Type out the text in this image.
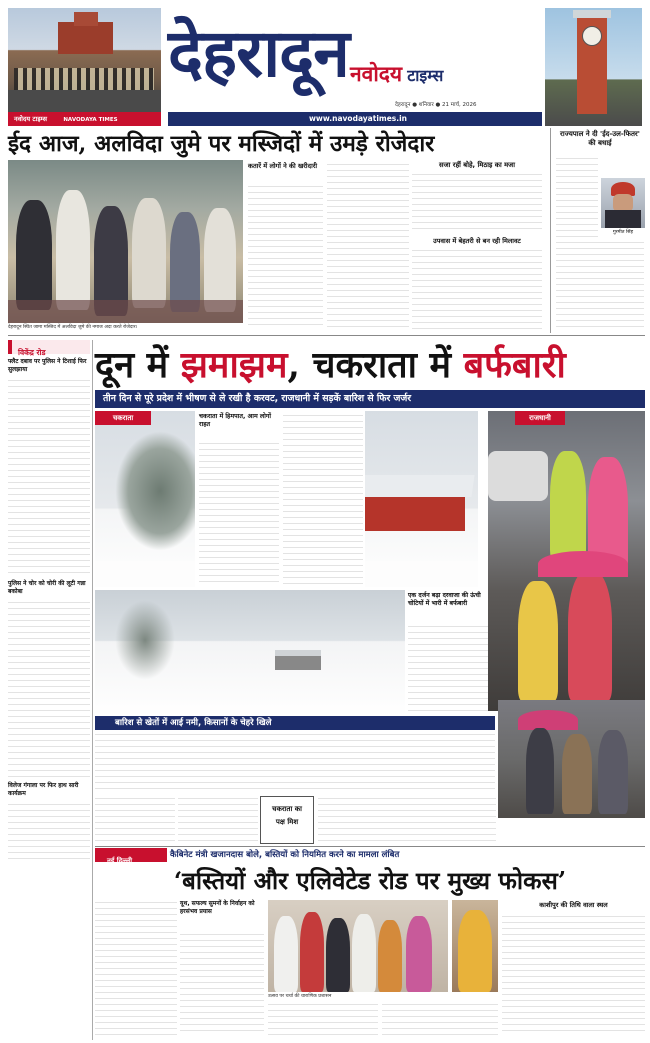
नवोदय टाइम्स	NAVODAYA TIMES
देहरादून नवोदय टाइम्स
देहरादून ● शनिवार ● 21 मार्च, 2026
www.navodayatimes.in
ईद आज, अलविदा जुमे पर मस्जिदों में उमड़े रोजेदार
देहरादून स्थित जामा मस्जिद में अलविदा जुमे की नमाज अदा करते रोजेदार।
कतारें में लोगों ने की खरीदारी	सजा रहीं बोहे, मिठाइ का मजा
उपवास में बेहतरी से बन रही मिलावट
राज्यपाल ने दी 'ईद-उल-फितर' की बधाई
गुरमीत सिंह
विकेंद्र रोड
फ्लैट दबाव पर पुलिस ने टिशाई फिर सुलझाया
पुलिस ने चोर को चोरी की लूटी गन्ना बकोबा
विलेज गंगाला पर फिर हाथ सारी कार्यक्रम
दून में झमाझम, चकराता में बर्फबारी
तीन दिन से पूरे प्रदेश में भीषण से ले रखी है करवट, राजधानी में सड़कें बारिश से फिर जर्जर
चकराता	चकराता में हिमपात, आम लोगों राहत
एक दर्जन बढ़ा दरवाजा की ऊंची चोटियों में भारी में बर्फबारी
राजधानी
बारिश से खेतों में आई नमी, किसानों के चेहरे खिले
चकराता का
पक्ष मिश
नई दिल्ली
कैबिनेट मंत्री खजानदास बोले, बस्तियों को नियमित करने का मामला लंबित
‘बस्तियों और एलिवेटेड रोड पर मुख्य फोकस’
यूथ, सफल्य सुमनों के निर्वाहन को हरसंभव प्रयास
उत्सव पर चर्चा की धाराणिक प्रशासन
काशीपुर की तिथि वाला स्थल
